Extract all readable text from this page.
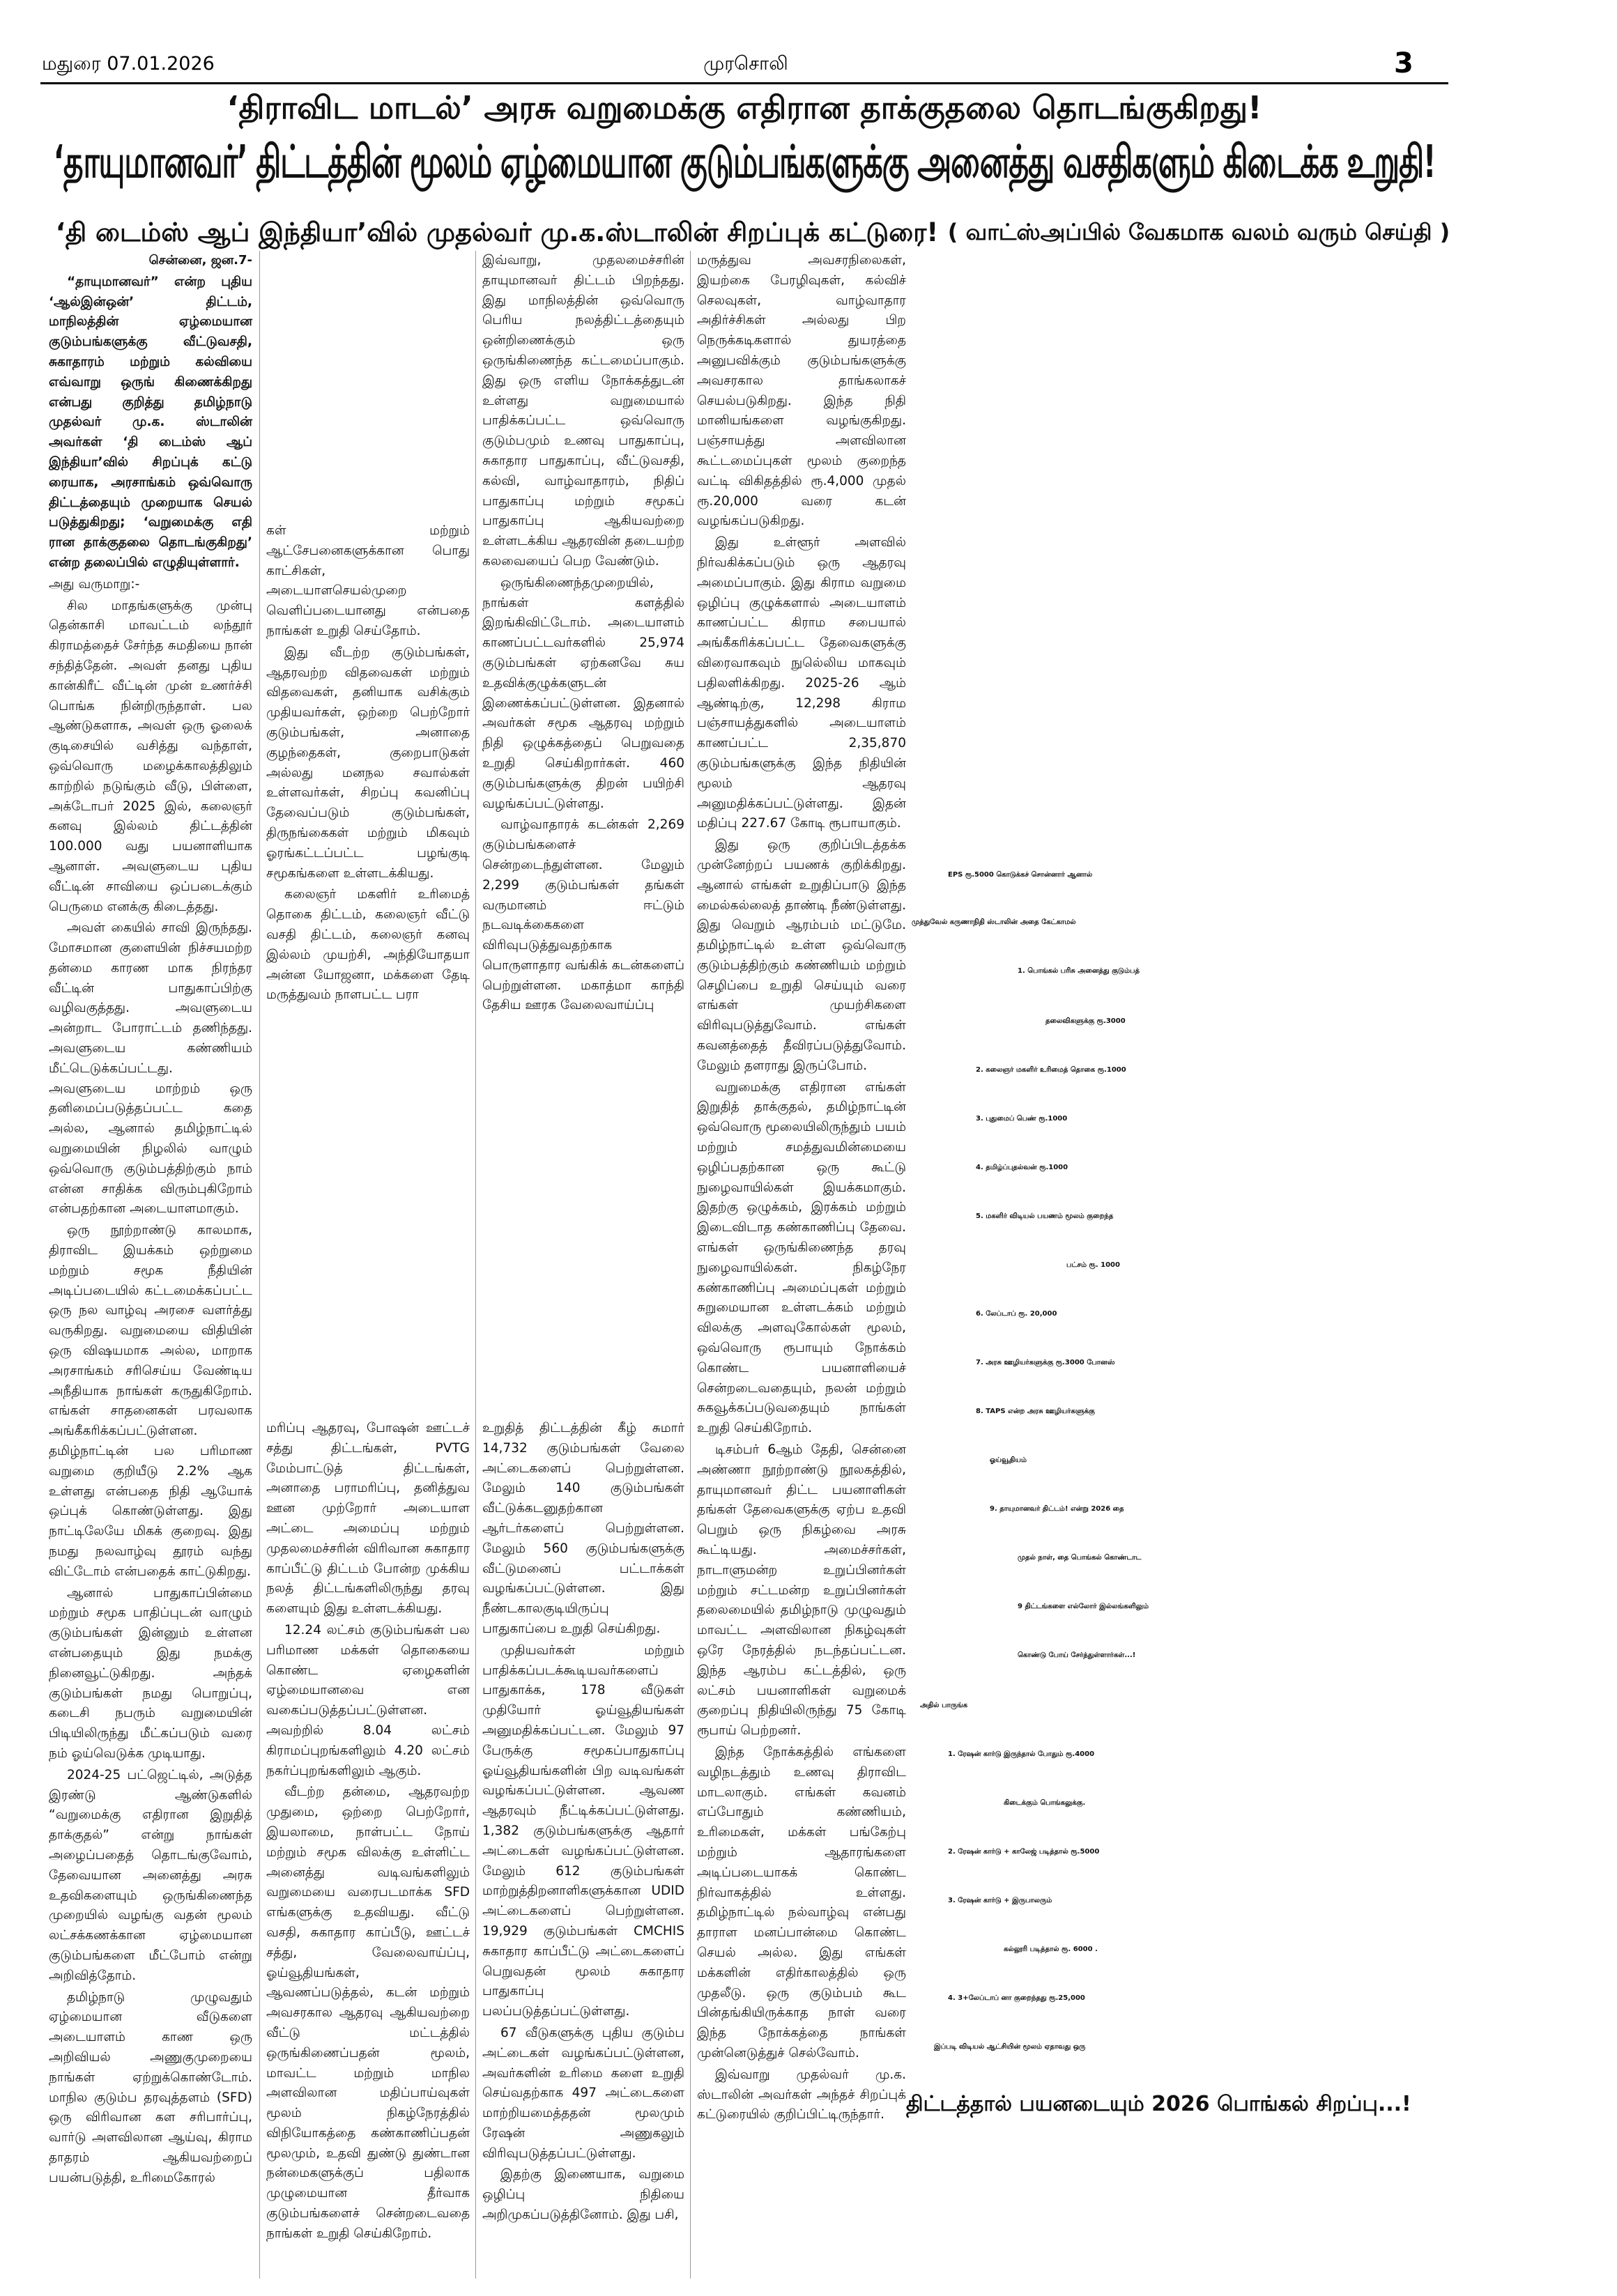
மதுரை 07.01.2026	முரசொலி	3
‘திராவிட மாடல்’ அரசு வறுமைக்கு எதிரான தாக்குதலை தொடங்குகிறது!
‘தாயுமானவர்’ திட்டத்தின் மூலம் ஏழ்மையான குடும்பங்களுக்கு அனைத்து வசதிகளும் கிடைக்க உறுதி!
‘தி டைம்ஸ் ஆப் இந்தியா’வில் முதல்வர் மு.க.ஸ்டாலின் சிறப்புக் கட்டுரை! ( வாட்ஸ்அப்பில் வேகமாக வலம் வரும் செய்தி )

சென்னை, ஜன.7-

“தாயுமானவர்” என்ற புதிய ‘ஆல்இன்ஒன்’ திட்டம், மாநிலத்தின் ஏழ்மையான குடும்பங்களுக்கு வீட்டுவசதி, சுகாதாரம் மற்றும் கல்வியை எவ்வாறு ஒருங் கிணைக்கிறது என்பது குறித்து தமிழ்நாடு முதல்வர் மு.க. ஸ்டாலின் அவர்கள் ‘தி டைம்ஸ் ஆப் இந்தியா’வில் சிறப்புக் கட்டு ரையாக, அரசாங்கம் ஒவ்வொரு திட்டத்தையும் முறையாக செயல் படுத்துகிறது; ‘வறுமைக்கு எதி ரான தாக்குதலை தொடங்குகிறது’ என்ற தலைப்பில் எழுதியுள்ளார்.

அது வருமாறு:-

சில மாதங்களுக்கு முன்பு தென்காசி மாவட்டம் லந்தூர் கிராமத்தைச் சேர்ந்த சுமதியை நான் சந்தித்தேன். அவள் தனது புதிய கான்கிரீட் வீட்டின் முன் உணர்ச்சி பொங்க நின்றிருந்தாள். பல ஆண்டுகளாக, அவள் ஒரு ஓலைக் குடிசையில் வசித்து வந்தாள், ஒவ்வொரு மழைக்காலத்திலும் காற்றில் நடுங்கும் வீடு, பிள்ளை, அக்டோபர் 2025 இல், கலைஞர் கனவு இல்லம் திட்டத்தின் 100.000 வது பயனாளியாக ஆனாள். அவளுடைய புதிய வீட்டின் சாவியை ஒப்படைக்கும் பெருமை எனக்கு கிடைத்தது.

அவள் கையில் சாவி இருந்தது. மோசமான குளையின் நிச்சயமற்ற தன்மை காரண மாக நிரந்தர வீட்டின் பாதுகாப்பிற்கு வழிவகுத்தது. அவளுடைய அன்றாட போராட்டம் தணிந்தது. அவளுடைய கண்ணியம் மீட்டெடுக்கப்பட்டது. அவளுடைய மாற்றம் ஒரு தனிமைப்படுத்தப்பட்ட கதை அல்ல, ஆனால் தமிழ்நாட்டில் வறுமையின் நிழலில் வாழும் ஒவ்வொரு குடும்பத்திற்கும் நாம் என்ன சாதிக்க விரும்புகிறோம் என்பதற்கான அடையாளமாகும்.

ஒரு நூற்றாண்டு காலமாக, திராவிட இயக்கம் ஒற்றுமை மற்றும் சமூக நீதியின் அடிப்படையில் கட்டமைக்கப்பட்ட ஒரு நல வாழ்வு அரசை வளர்த்து வருகிறது. வறுமையை விதியின் ஒரு விஷயமாக அல்ல, மாறாக அரசாங்கம் சரிசெய்ய வேண்டிய அநீதியாக நாங்கள் கருதுகிறோம். எங்கள் சாதனைகள் பரவலாக அங்கீகரிக்கப்பட்டுள்ளன. தமிழ்நாட்டின் பல பரிமாண வறுமை குறியீடு 2.2% ஆக உள்ளது என்பதை நிதி ஆயோக் ஒப்புக் கொண்டுள்ளது. இது நாட்டிலேயே மிகக் குறைவு. இது நமது நலவாழ்வு தூரம் வந்து விட்டோம் என்பதைக் காட்டுகிறது.

ஆனால் பாதுகாப்பின்மை மற்றும் சமூக பாதிப்புடன் வாழும் குடும்பங்கள் இன்னும் உள்ளன என்பதையும் இது நமக்கு நினைவூட்டுகிறது. அந்தக் குடும்பங்கள் நமது பொறுப்பு, கடைசி நபரும் வறுமையின் பிடியிலிருந்து மீட்கப்படும் வரை நம் ஓய்வெடுக்க முடியாது.

2024-25 பட்ஜெட்டில், அடுத்த இரண்டு ஆண்டுகளில் “வறுமைக்கு எதிரான இறுதித் தாக்குதல்” என்று நாங்கள் அழைப்பதைத் தொடங்குவோம், தேவையான அனைத்து அரசு உதவிகளையும் ஒருங்கிணைந்த முறையில் வழங்கு வதன் மூலம் லட்சக்கணக்கான ஏழ்மையான குடும்பங்களை மீட்போம் என்று அறிவித்தோம்.

தமிழ்நாடு முழுவதும் ஏழ்மையான வீடுகளை அடையாளம் காண ஒரு அறிவியல் அணுகுமுறையை நாங்கள் ஏற்றுக்கொண்டோம். மாநில குடும்ப தரவுத்தளம் (SFD) ஒரு விரிவான கள சரிபார்ப்பு, வார்டு அளவிலான ஆய்வு, கிராம தாதரம் ஆகியவற்றைப் பயன்படுத்தி, உரிமைகோரல்

கள் மற்றும் ஆட்சேபனைகளுக்கான பொது காட்சிகள், அடையாளசெயல்முறை வெளிப்படையானது என்பதை நாங்கள் உறுதி செய்தோம்.

இது வீடற்ற குடும்பங்கள், ஆதரவற்ற விதவைகள் மற்றும் விதவைகள், தனியாக வசிக்கும் முதியவர்கள், ஒற்றை பெற்றோர் குடும்பங்கள், அனாதை குழந்தைகள், குறைபாடுகள் அல்லது மனநல சவால்கள் உள்ளவர்கள், சிறப்பு கவனிப்பு தேவைப்படும் குடும்பங்கள், திருநங்கைகள் மற்றும் மிகவும் ஓரங்கட்டப்பட்ட பழங்குடி சமூகங்களை உள்ளடக்கியது.

கலைஞர் மகளிர் உரிமைத் தொகை திட்டம், கலைஞர் வீட்டு வசதி திட்டம், கலைஞர் கனவு இல்லம் முயற்சி, அந்தியோதயா அன்ன யோஜனா, மக்களை தேடி மருத்துவம் நாளபட்ட பரா

மரிப்பு ஆதரவு, போஷன் ஊட்டச் சத்து திட்டங்கள், PVTG மேம்பாட்டுத் திட்டங்கள், அனாதை பராமரிப்பு, தனித்துவ ஊன முற்றோர் அடையாள அட்டை அமைப்பு மற்றும் முதலமைச்சரின் விரிவான சுகாதார காப்பீட்டு திட்டம் போன்ற முக்கிய நலத் திட்டங்களிலிருந்து தரவு களையும் இது உள்ளடக்கியது.

12.24 லட்சம் குடும்பங்கள் பல பரிமாண மக்கள் தொகையை கொண்ட ஏழைகளின் ஏழ்மையானவை என வகைப்படுத்தப்பட்டுள்ளன. அவற்றில் 8.04 லட்சம் கிராமப்புறங்களிலும் 4.20 லட்சம் நகர்ப்புறங்களிலும் ஆகும்.

வீடற்ற தன்மை, ஆதரவற்ற முதுமை, ஒற்றை பெற்றோர், இயலாமை, நாள்பட்ட நோய் மற்றும் சமூக விலக்கு உள்ளிட்ட அனைத்து வடிவங்களிலும் வறுமையை வரைபடமாக்க SFD எங்களுக்கு உதவியது. வீட்டு வசதி, சுகாதார காப்பீடு, ஊட்டச் சத்து, வேலைவாய்ப்பு, ஓய்வூதியங்கள், ஆவணப்படுத்தல், கடன் மற்றும் அவசரகால ஆதரவு ஆகியவற்றை வீட்டு மட்டத்தில் ஒருங்கிணைப்பதன் மூலம், மாவட்ட மற்றும் மாநில அளவிலான மதிப்பாய்வுகள் மூலம் நிகழ்நேரத்தில் விநியோகத்தை கண்காணிப்பதன் மூலமும், உதவி துண்டு துண்டான நன்மைகளுக்குப் பதிலாக முழுமையான தீர்வாக குடும்பங்களைச் சென்றடைவதை நாங்கள் உறுதி செய்கிறோம்.

இவ்வாறு, முதலமைச்சரின் தாயுமானவர் திட்டம் பிறந்தது. இது மாநிலத்தின் ஒவ்வொரு பெரிய நலத்திட்டத்தையும் ஒன்றிணைக்கும் ஒரு ஒருங்கிணைந்த கட்டமைப்பாகும். இது ஒரு எளிய நோக்கத்துடன் உள்ளது வறுமையால் பாதிக்கப்பட்ட ஒவ்வொரு குடும்பமும் உணவு பாதுகாப்பு, சுகாதார பாதுகாப்பு, வீட்டுவசதி, கல்வி, வாழ்வாதாரம், நிதிப் பாதுகாப்பு மற்றும் சமூகப் பாதுகாப்பு ஆகியவற்றை உள்ளடக்கிய ஆதரவின் தடையற்ற கலவையைப் பெற வேண்டும்.

ஒருங்கிணைந்தமுறையில், நாங்கள் களத்தில் இறங்கிவிட்டோம். அடையாளம் காணப்பட்டவர்களில் 25,974 குடும்பங்கள் ஏற்கனவே சுய உதவிக்குழுக்களுடன் இணைக்கப்பட்டுள்ளன. இதனால் அவர்கள் சமூக ஆதரவு மற்றும் நிதி ஒழுக்கத்தைப் பெறுவதை உறுதி செய்கிறார்கள். 460 குடும்பங்களுக்கு திறன் பயிற்சி வழங்கப்பட்டுள்ளது.

வாழ்வாதாரக் கடன்கள் 2,269 குடும்பங்களைச் சென்றடைந்துள்ளன. மேலும் 2,299 குடும்பங்கள் தங்கள் வருமானம் ஈட்டும் நடவடிக்கைகளை விரிவுபடுத்துவதற்காக பொருளாதார வங்கிக் கடன்களைப் பெற்றுள்ளன. மகாத்மா காந்தி தேசிய ஊரக வேலைவாய்ப்பு

உறுதித் திட்டத்தின் கீழ் சுமார் 14,732 குடும்பங்கள் வேலை அட்டைகளைப் பெற்றுள்ளன. மேலும் 140 குடும்பங்கள் வீட்டுக்கடனுதற்கான ஆர்டர்களைப் பெற்றுள்ளன. மேலும் 560 குடும்பங்களுக்கு வீட்டுமனைப் பட்டாக்கள் வழங்கப்பட்டுள்ளன. இது நீண்டகாலகுடியிருப்பு பாதுகாப்பை உறுதி செய்கிறது.

முதியவர்கள் மற்றும் பாதிக்கப்படக்கூடியவர்களைப் பாதுகாக்க, 178 வீடுகள் முதியோர் ஓய்வூதியங்கள் அனுமதிக்கப்பட்டன. மேலும் 97 பேருக்கு சமூகப்பாதுகாப்பு ஓய்வூதியங்களின் பிற வடிவங்கள் வழங்கப்பட்டுள்ளன. ஆவண ஆதரவும் நீட்டிக்கப்பட்டுள்ளது. 1,382 குடும்பங்களுக்கு ஆதார் அட்டைகள் வழங்கப்பட்டுள்ளன. மேலும் 612 குடும்பங்கள் மாற்றுத்திறனாளிகளுக்கான UDID அட்டைகளைப் பெற்றுள்ளன. 19,929 குடும்பங்கள் CMCHIS சுகாதார காப்பீட்டு அட்டைகளைப் பெறுவதன் மூலம் சுகாதார பாதுகாப்பு பலப்படுத்தப்பட்டுள்ளது.

67 வீடுகளுக்கு புதிய குடும்ப அட்டைகள் வழங்கப்பட்டுள்ளன, அவர்களின் உரிமை களை உறுதி செய்வதற்காக 497 அட்டைகளை மாற்றியமைத்ததன் மூலமும் ரேஷன் அணுகலும் விரிவுபடுத்தப்பட்டுள்ளது.

இதற்கு இணையாக, வறுமை ஒழிப்பு நிதியை அறிமுகப்படுத்தினோம். இது பசி,

மருத்துவ அவசரநிலைகள், இயற்கை பேரழிவுகள், கல்விச் செலவுகள், வாழ்வாதார அதிர்ச்சிகள் அல்லது பிற நெருக்கடிகளால் துயரத்தை அனுபவிக்கும் குடும்பங்களுக்கு அவசரகால தாங்கலாகச் செயல்படுகிறது. இந்த நிதி மானியங்களை வழங்குகிறது. பஞ்சாயத்து அளவிலான கூட்டமைப்புகள் மூலம் குறைந்த வட்டி விகிதத்தில் ரூ.4,000 முதல் ரூ.20,000 வரை கடன் வழங்கப்படுகிறது.

இது உள்ளூர் அளவில் நிர்வகிக்கப்படும் ஒரு ஆதரவு அமைப்பாகும். இது கிராம வறுமை ஒழிப்பு குழுக்களால் அடையாளம் காணப்பட்ட கிராம சபையால் அங்கீகரிக்கப்பட்ட தேவைகளுக்கு விரைவாகவும் நுலெ்லிய மாகவும் பதிலளிக்கிறது. 2025-26 ஆம் ஆண்டிற்கு, 12,298 கிராம பஞ்சாயத்துகளில் அடையாளம் காணப்பட்ட 2,35,870 குடும்பங்களுக்கு இந்த நிதியின் மூலம் ஆதரவு அனுமதிக்கப்பட்டுள்ளது. இதன் மதிப்பு 227.67 கோடி ரூபாயாகும்.

இது ஒரு குறிப்பிடத்தக்க முன்னேற்றப் பயணக் குறிக்கிறது. ஆனால் எங்கள் உறுதிப்பாடு இந்த மைல்கல்லைத் தாண்டி நீண்டுள்ளது. இது வெறும் ஆரம்பம் மட்டுமே. தமிழ்நாட்டில் உள்ள ஒவ்வொரு குடும்பத்திற்கும் கண்ணியம் மற்றும் செழிப்பை உறுதி செய்யும் வரை எங்கள் முயற்சிகளை விரிவுபடுத்துவோம். எங்கள் கவனத்தைத் தீவிரப்படுத்துவோம். மேலும் தளராது இருப்போம்.

வறுமைக்கு எதிரான எங்கள் இறுதித் தாக்குதல், தமிழ்நாட்டின் ஒவ்வொரு மூலையிலிருந்தும் பயம் மற்றும் சமத்துவமின்மையை ஒழிப்பதற்கான ஒரு கூட்டு நுழைவாயில்கள் இயக்கமாகும். இதற்கு ஒழுக்கம், இரக்கம் மற்றும் இடைவிடாத கண்காணிப்பு தேவை. எங்கள் ஒருங்கிணைந்த தரவு நுழைவாயில்கள். நிகழ்நேர கண்காணிப்பு அமைப்புகள் மற்றும் சுறுமையான உள்ளடக்கம் மற்றும் விலக்கு அளவுகோல்கள் மூலம், ஒவ்வொரு ரூபாயும் நோக்கம் கொண்ட பயனாளியைச் சென்றடைவதையும், நலன் மற்றும் சுகவூக்கப்படுவதையும் நாங்கள் உறுதி செய்கிறோம்.

டிசம்பர் 6ஆம் தேதி, சென்னை அண்ணா நூற்றாண்டு நூலகத்தில், தாயுமானவர் திட்ட பயனாளிகள் தங்கள் தேவைகளுக்கு ஏற்ப உதவி பெறும் ஒரு நிகழ்வை அரசு கூட்டியது. அமைச்சர்கள், நாடாளுமன்ற உறுப்பினர்கள் மற்றும் சட்டமன்ற உறுப்பினர்கள் தலைமையில் தமிழ்நாடு முழுவதும் மாவட்ட அளவிலான நிகழ்வுகள் ஒரே நேரத்தில் நடந்தப்பட்டன. இந்த ஆரம்ப கட்டத்தில், ஒரு லட்சம் பயனாளிகள் வறுமைக் குறைப்பு நிதியிலிருந்து 75 கோடி ரூபாய் பெற்றனர்.

இந்த நோக்கத்தில் எங்களை வழிநடத்தும் உணவு திராவிட மாடலாகும். எங்கள் கவனம் எப்போதும் கண்ணியம், உரிமைகள், மக்கள் பங்கேற்பு மற்றும் ஆதாரங்களை அடிப்படையாகக் கொண்ட நிர்வாகத்தில் உள்ளது. தமிழ்நாட்டில் நல்வாழ்வு என்பது தாராள மனப்பான்மை கொண்ட செயல் அல்ல. இது எங்கள் மக்களின் எதிர்காலத்தில் ஒரு முதலீடு. ஒரு குடும்பம் கூட பின்தங்கியிருக்காத நாள் வரை இந்த நோக்கத்தை நாங்கள் முன்னெடுத்துச் செல்வோம்.

இவ்வாறு முதல்வர் மு.க. ஸ்டாலின் அவர்கள் அந்தச் சிறப்புக் கட்டுரையில் குறிப்பிட்டிருந்தார்.

EPS ரூ.5000 கொடுக்கச் சொன்னார் ஆனால்
முத்துவேல் கருணாநிதி ஸ்டாலின் அதை கேட்காமல்
1. பொங்கல் பரிசு அனைத்து குடும்பத்
தலைவிகளுக்கு ரூ.3000
2. கலைஞர் மகளிர் உரிமைத் தொகை ரூ.1000
3. புதுமைப் பெண் ரூ.1000
4. தமிழ்ப்புதல்வன் ரூ.1000
5. மகளிர் விடியல் பயணம் மூலம் குறைந்த
பட்சம் ரூ. 1000
6. லேப்டாப் ரூ. 20,000
7. அரசு ஊழியர்களுக்கு ரூ.3000 போனஸ்
8. TAPS என்ற அரசு ஊழியர்களுக்கு
ஓய்வூதியம்
9. தாயுமானவர் திட்டம்! என்று 2026 தை
முதல் நாள், தை பொங்கல் கொண்டாட
9 திட்டங்களை எல்லோர் இல்லங்களிலும்
கொண்டு போய் சேர்த்துள்ளார்கள்...!
அதில் பாருங்க
1. ரேஷன் கார்டு இருந்தால் போதும் ரூ.4000
கிடைக்கும் பொங்கலுக்கு.
2. ரேஷன் கார்டு + காலேஜ் படித்தால் ரூ.5000
3. ரேஷன் கார்டு + இருபாலரும்
கல்லூரி படித்தால் ரூ. 6000 .
4. 3+லேப்டாப் னா குறைந்தது ரூ.25,000
இப்படி விடியல் ஆட்சியின் மூலம் ஏதாவது ஒரு
திட்டத்தால் பயனடையும் 2026 பொங்கல் சிறப்பு...!
